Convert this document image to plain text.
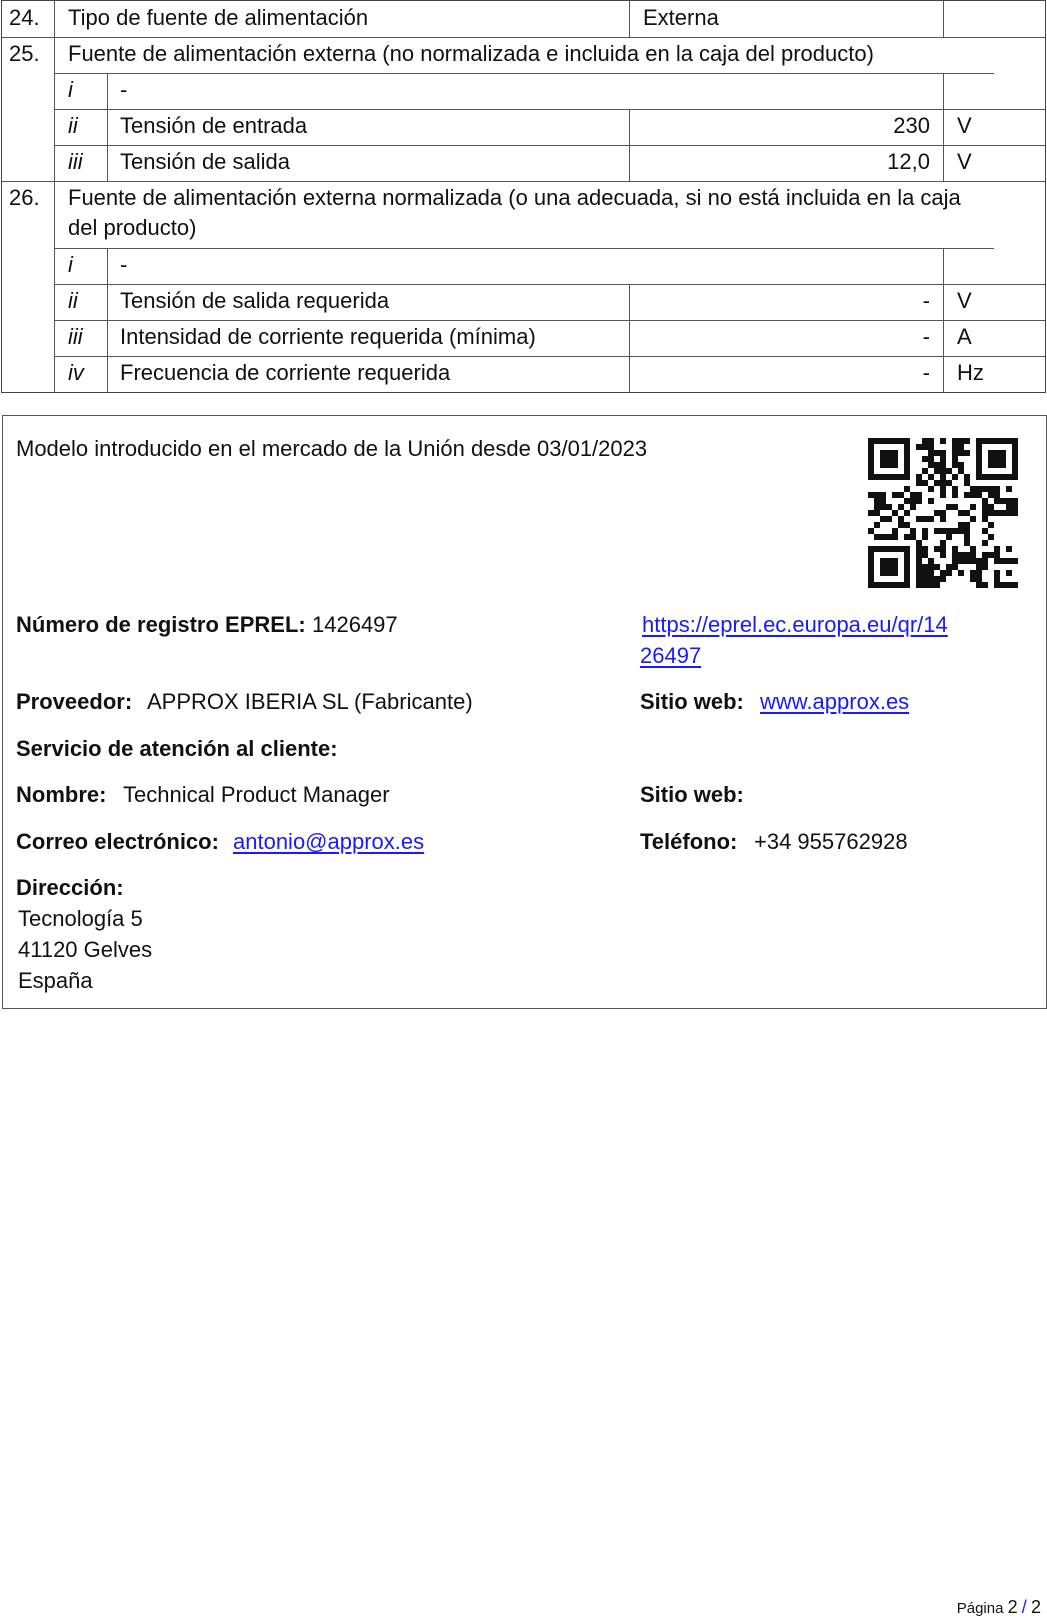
24. Tipo de fuente de alimentación	Externa
25. Fuente de alimentación externa (no normalizada e incluida en la caja del producto)
i -
ii Tensión de entrada	230 V
iii Tensión de salida	12,0 V
26. Fuente de alimentación externa normalizada (o una adecuada, si no está incluida en la caja
del producto)
i -
ii Tensión de salida requerida	- V
iii Intensidad de corriente requerida (mínima)	- A
iv Frecuencia de corriente requerida	- Hz
Modelo introducido en el mercado de la Unión desde 03/01/2023
Número de registro EPREL: 1426497	https://eprel.ec.europa.eu/qr/14
26497
Proveedor: APPROX IBERIA SL (Fabricante)	Sitio web: www.approx.es
Servicio de atención al cliente:
Nombre: Technical Product Manager	Sitio web:
Correo electrónico: antonio@approx.es	Teléfono: +34 955762928
Dirección:
Tecnología 5
41120 Gelves
España
Página 2 / 2
